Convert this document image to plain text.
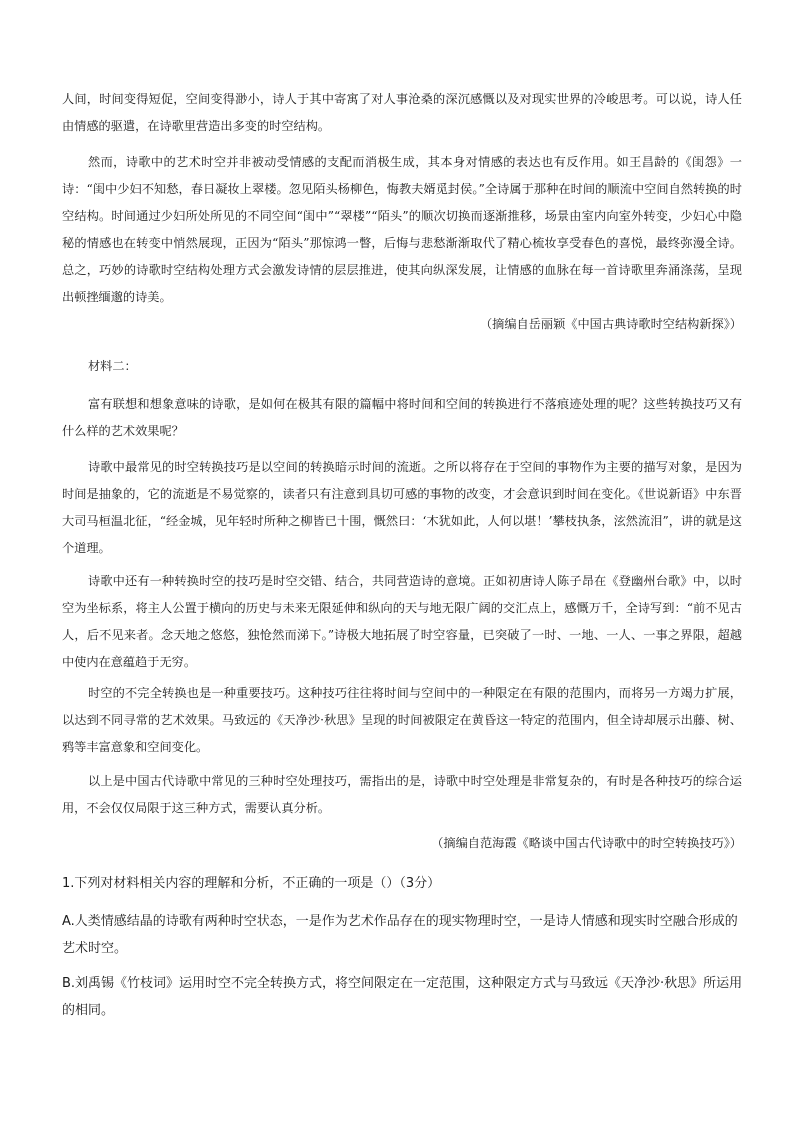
人间，时间变得短促，空间变得渺小，诗人于其中寄寓了对人事沧桑的深沉感慨以及对现实世界的冷峻思考。可以说，诗人任由情感的驱遣，在诗歌里营造出多变的时空结构。

然而，诗歌中的艺术时空并非被动受情感的支配而消极生成，其本身对情感的表达也有反作用。如王昌龄的《闺怨》一诗：“闺中少妇不知愁，春日凝妆上翠楼。忽见陌头杨柳色，悔教夫婿觅封侯。”全诗属于那种在时间的顺流中空间自然转换的时空结构。时间通过少妇所处所见的不同空间“闺中”“翠楼”“陌头”的顺次切换而逐渐推移，场景由室内向室外转变，少妇心中隐秘的情感也在转变中悄然展现，正因为“陌头”那惊鸿一瞥，后悔与悲愁渐渐取代了精心梳妆享受春色的喜悦，最终弥漫全诗。总之，巧妙的诗歌时空结构处理方式会激发诗情的层层推进，使其向纵深发展，让情感的血脉在每一首诗歌里奔涌涤荡，呈现出顿挫缅邈的诗美。

（摘编自岳丽颖《中国古典诗歌时空结构新探》）

材料二：

富有联想和想象意味的诗歌，是如何在极其有限的篇幅中将时间和空间的转换进行不落痕迹处理的呢？这些转换技巧又有什么样的艺术效果呢？

诗歌中最常见的时空转换技巧是以空间的转换暗示时间的流逝。之所以将存在于空间的事物作为主要的描写对象，是因为时间是抽象的，它的流逝是不易觉察的，读者只有注意到具切可感的事物的改变，才会意识到时间在变化。《世说新语》中东晋大司马桓温北征，“经金城，见年轻时所种之柳皆已十围，慨然曰：‘木犹如此，人何以堪！’攀枝执条，泫然流泪”，讲的就是这个道理。

诗歌中还有一种转换时空的技巧是时空交错、结合，共同营造诗的意境。正如初唐诗人陈子昂在《登幽州台歌》中，以时空为坐标系，将主人公置于横向的历史与未来无限延伸和纵向的天与地无限广阔的交汇点上，感慨万千，全诗写到：“前不见古人，后不见来者。念天地之悠悠，独怆然而涕下。”诗极大地拓展了时空容量，已突破了一时、一地、一人、一事之界限，超越中使内在意蕴趋于无穷。

时空的不完全转换也是一种重要技巧。这种技巧往往将时间与空间中的一种限定在有限的范围内，而将另一方竭力扩展，以达到不同寻常的艺术效果。马致远的《天净沙·秋思》呈现的时间被限定在黄昏这一特定的范围内，但全诗却展示出藤、树、鸦等丰富意象和空间变化。

以上是中国古代诗歌中常见的三种时空处理技巧，需指出的是，诗歌中时空处理是非常复杂的，有时是各种技巧的综合运用，不会仅仅局限于这三种方式，需要认真分析。

（摘编自范海霞《略谈中国古代诗歌中的时空转换技巧》）

1.下列对材料相关内容的理解和分析，不正确的一项是（）（3分）

A.人类情感结晶的诗歌有两种时空状态，一是作为艺术作品存在的现实物理时空，一是诗人情感和现实时空融合形成的艺术时空。

B.刘禹锡《竹枝词》运用时空不完全转换方式，将空间限定在一定范围，这种限定方式与马致远《天净沙·秋思》所运用的相同。
